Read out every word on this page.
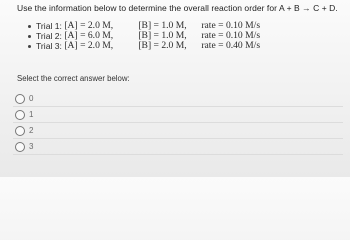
Use the information below to determine the overall reaction order for A + B → C + D.
Trial 1:
[A] = 2.0 M,	[B] = 1.0 M,	rate = 0.10 M/s
Trial 2:
[A] = 6.0 M,	[B] = 1.0 M,	rate = 0.10 M/s
Trial 3:
[A] = 2.0 M,	[B] = 2.0 M,	rate = 0.40 M/s
Select the correct answer below:
0
1
2
3
